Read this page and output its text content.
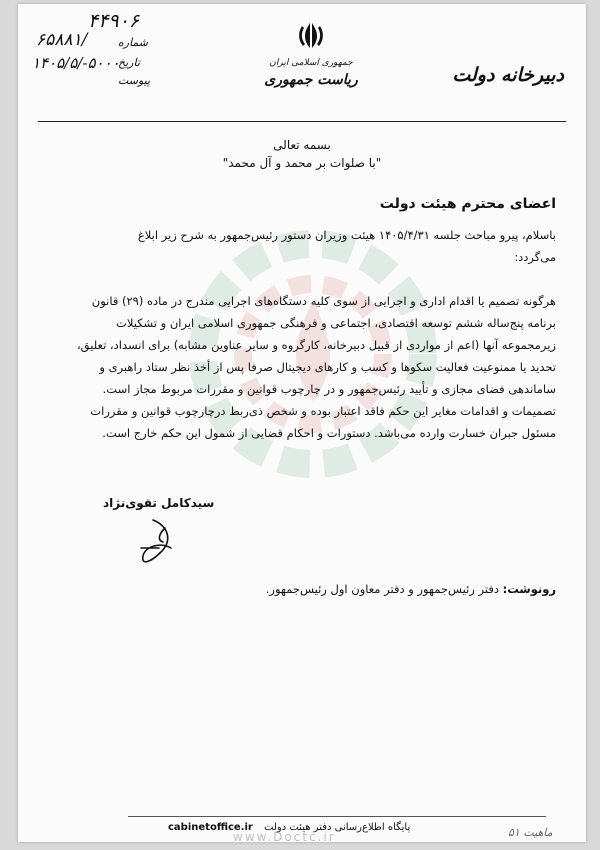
۴۴۹۰۶
۶۵۸۸۱/	شماره
۱۴۰۵/۵/-۵۰۰۰
تاریخ
پیوست
جمهوری اسلامی ایران
ریاست جمهوری	دبیرخانه دولت
بسمه تعالی
"با صلوات بر محمد و آل محمد"
اعضای محترم هیئت دولت
باسلام، پیرو مباحث جلسه ۱۴۰۵/۴/۳۱ هیئت وزیران دستور رئیس‌جمهور به شرح زیر ابلاغ
می‌گردد:
هرگونه تصمیم یا اقدام اداری و اجرایی از سوی کلیه دستگاه‌های اجرایی مندرج در ماده (۲۹) قانون
برنامه پنج‌ساله ششم توسعه اقتصادی، اجتماعی و فرهنگی جمهوری اسلامی ایران و تشکیلات
زیرمجموعه آنها (اعم از مواردی از قبیل دبیرخانه، کارگروه و سایر عناوین مشابه) برای انسداد، تعلیق،
تحدید یا ممنوعیت فعالیت سکوها و کسب و کارهای دیجیتال صرفا پس از أخذ نظر ستاد راهبری و
ساماندهی فضای مجازی و تأیید رئیس‌جمهور و در چارچوب قوانین و مقررات مربوط مجاز است.
تصمیمات و اقدامات مغایر این حکم فاقد اعتبار بوده و شخص ذی‌ربط درچارچوب قوانین و مقررات
مسئول جبران خسارت وارده می‌باشد. دستورات و احکام قضایی از شمول این حکم خارج است.
سیدکامل تقوی‌نژاد
رونوشت: دفتر رئیس‌جمهور و دفتر معاون اول رئیس‌جمهور.
cabinetoffice.ir پایگاه اطلاع‌رسانی دفتر هیئت دولت
www.Doctc.ir	ماهیت ۵۱
